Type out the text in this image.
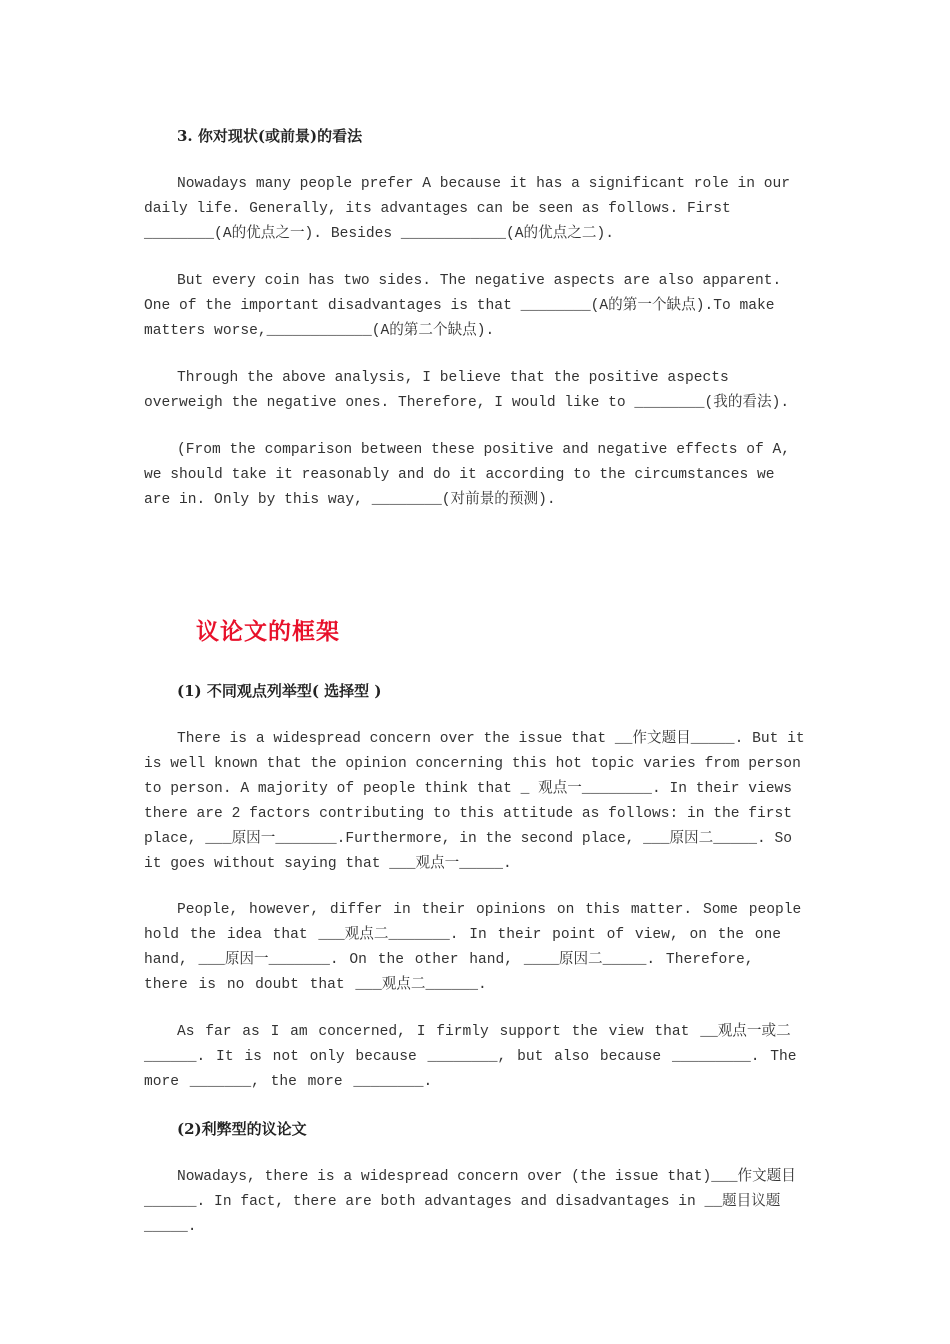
3. 你对现状(或前景)的看法

Nowadays many people prefer A because it has a significant role in our daily life. Generally, its advantages can be seen as follows. First ________(A的优点之一). Besides ____________(A的优点之二).

But every coin has two sides. The negative aspects are also apparent. One of the important disadvantages is that ________(A的第一个缺点).To make matters worse,____________(A的第二个缺点).

Through the above analysis, I believe that the positive aspects overweigh the negative ones. Therefore, I would like to ________(我的看法).

(From the comparison between these positive and negative effects of A, we should take it reasonably and do it according to the circumstances we are in. Only by this way, ________(对前景的预测).

议论文的框架

(1) 不同观点列举型( 选择型 )

There is a widespread concern over the issue that __作文题目_____. But it is well known that the opinion concerning this hot topic varies from person to person. A majority of people think that _ 观点一________. In their views there are 2 factors contributing to this attitude as follows: in the first place, ___原因一_______.Furthermore, in the second place, ___原因二_____. So it goes without saying that ___观点一_____.

People, however, differ in their opinions on this matter. Some people hold the idea that ___观点二_______. In their point of view, on the one hand, ___原因一_______. On the other hand, ____原因二_____. Therefore, there is no doubt that ___观点二______.

As far as I am concerned, I firmly support the view that __观点一或二______. It is not only because ________, but also because _________. The more _______, the more ________.

(2)利弊型的议论文

Nowadays, there is a widespread concern over (the issue that)___作文题目______. In fact, there are both advantages and disadvantages in __题目议题_____.
